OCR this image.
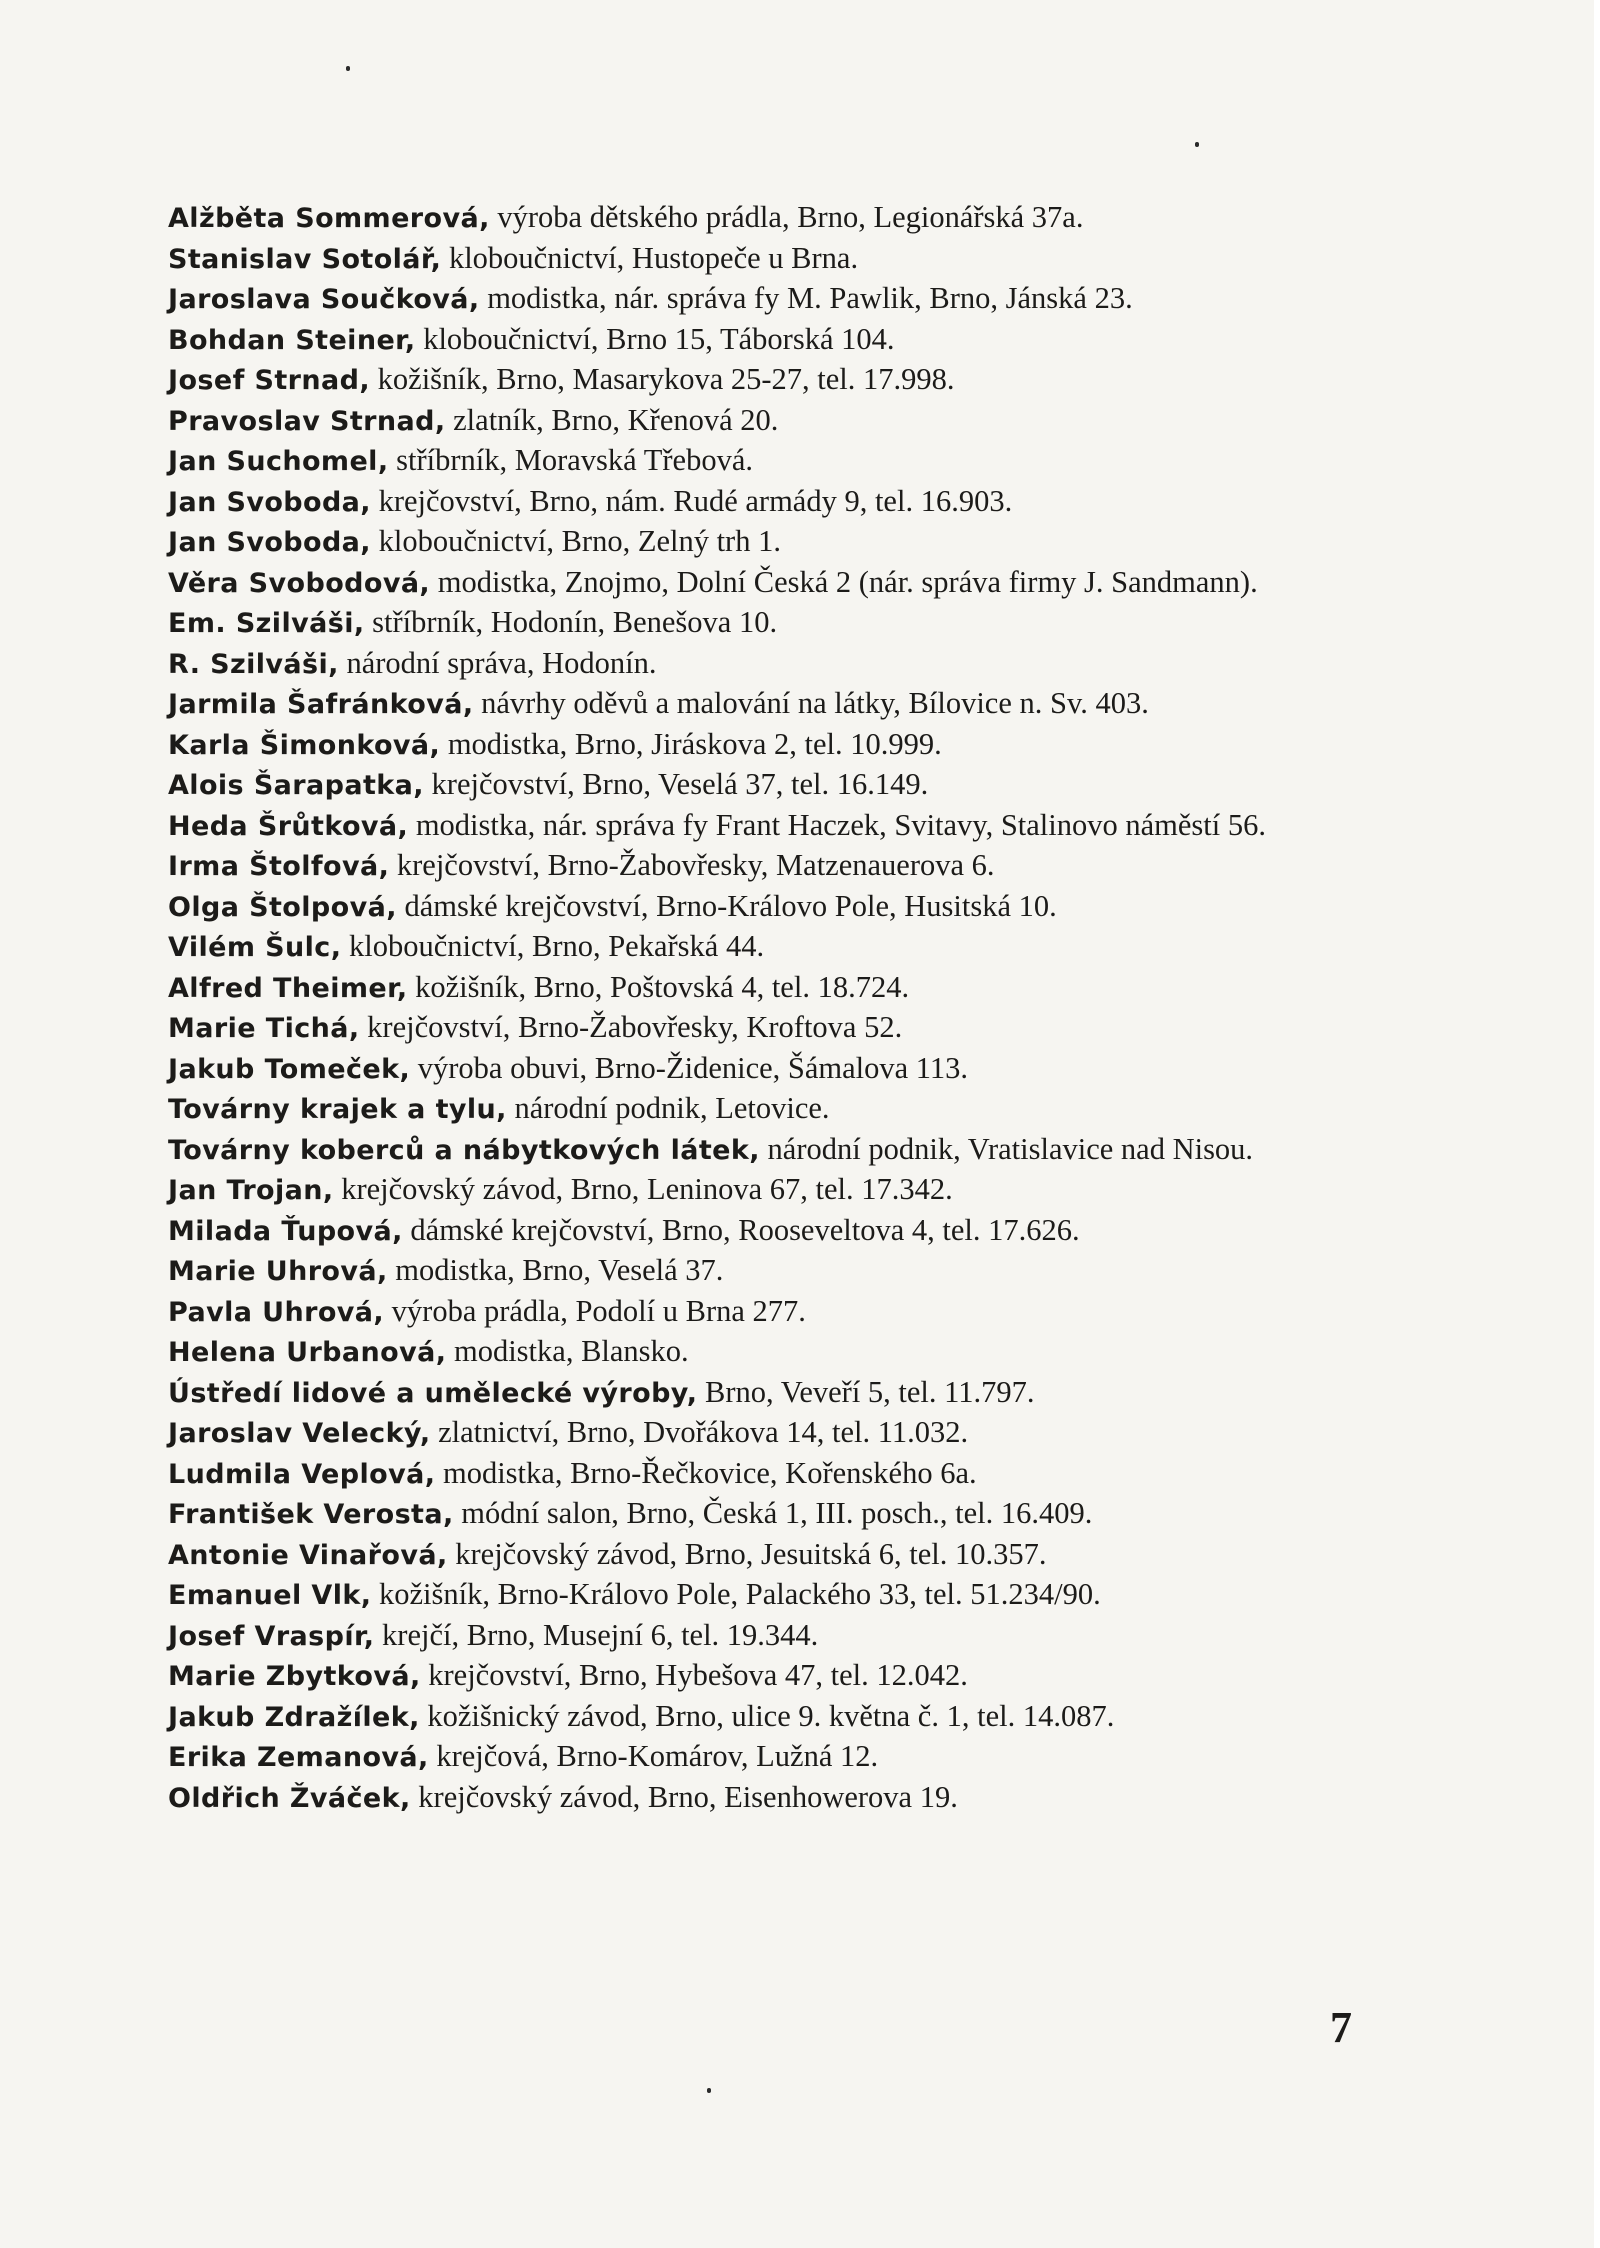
Alžběta Sommerová, výroba dětského prádla, Brno, Legionářská 37a.
Stanislav Sotolář, kloboučnictví, Hustopeče u Brna.
Jaroslava Součková, modistka, nár. správa fy M. Pawlik, Brno, Jánská 23.
Bohdan Steiner, kloboučnictví, Brno 15, Táborská 104.
Josef Strnad, kožišník, Brno, Masarykova 25-27, tel. 17.998.
Pravoslav Strnad, zlatník, Brno, Křenová 20.
Jan Suchomel, stříbrník, Moravská Třebová.
Jan Svoboda, krejčovství, Brno, nám. Rudé armády 9, tel. 16.903.
Jan Svoboda, kloboučnictví, Brno, Zelný trh 1.
Věra Svobodová, modistka, Znojmo, Dolní Česká 2 (nár. správa firmy J. Sandmann).
Em. Szilváši, stříbrník, Hodonín, Benešova 10.
R. Szilváši, národní správa, Hodonín.
Jarmila Šafránková, návrhy oděvů a malování na látky, Bílovice n. Sv. 403.
Karla Šimonková, modistka, Brno, Jiráskova 2, tel. 10.999.
Alois Šarapatka, krejčovství, Brno, Veselá 37, tel. 16.149.
Heda Šrůtková, modistka, nár. správa fy Frant Haczek, Svitavy, Stalinovo náměstí 56.
Irma Štolfová, krejčovství, Brno-Žabovřesky, Matzenauerova 6.
Olga Štolpová, dámské krejčovství, Brno-Královo Pole, Husitská 10.
Vilém Šulc, kloboučnictví, Brno, Pekařská 44.
Alfred Theimer, kožišník, Brno, Poštovská 4, tel. 18.724.
Marie Tichá, krejčovství, Brno-Žabovřesky, Kroftova 52.
Jakub Tomeček, výroba obuvi, Brno-Židenice, Šámalova 113.
Továrny krajek a tylu, národní podnik, Letovice.
Továrny koberců a nábytkových látek, národní podnik, Vratislavice nad Nisou.
Jan Trojan, krejčovský závod, Brno, Leninova 67, tel. 17.342.
Milada Ťupová, dámské krejčovství, Brno, Rooseveltova 4, tel. 17.626.
Marie Uhrová, modistka, Brno, Veselá 37.
Pavla Uhrová, výroba prádla, Podolí u Brna 277.
Helena Urbanová, modistka, Blansko.
Ústředí lidové a umělecké výroby, Brno, Veveří 5, tel. 11.797.
Jaroslav Velecký, zlatnictví, Brno, Dvořákova 14, tel. 11.032.
Ludmila Veplová, modistka, Brno-Řečkovice, Kořenského 6a.
František Verosta, módní salon, Brno, Česká 1, III. posch., tel. 16.409.
Antonie Vinařová, krejčovský závod, Brno, Jesuitská 6, tel. 10.357.
Emanuel Vlk, kožišník, Brno-Královo Pole, Palackého 33, tel. 51.234/90.
Josef Vraspír, krejčí, Brno, Musejní 6, tel. 19.344.
Marie Zbytková, krejčovství, Brno, Hybešova 47, tel. 12.042.
Jakub Zdražílek, kožišnický závod, Brno, ulice 9. května č. 1, tel. 14.087.
Erika Zemanová, krejčová, Brno-Komárov, Lužná 12.
Oldřich Žváček, krejčovský závod, Brno, Eisenhowerova 19.
7
